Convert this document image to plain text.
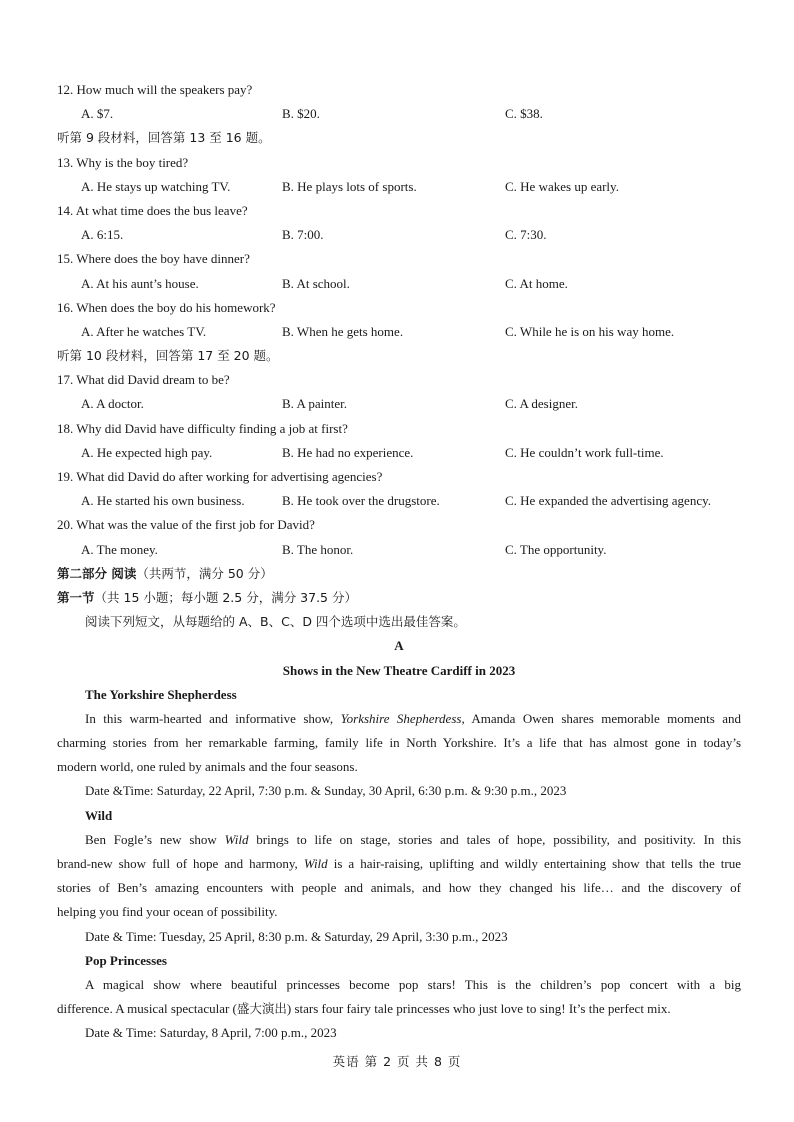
12. How much will the speakers pay?
A. $7.	B. $20.	C. $38.
听第 9 段材料，回答第 13 至 16 题。
13. Why is the boy tired?
A. He stays up watching TV.	B. He plays lots of sports.	C. He wakes up early.
14. At what time does the bus leave?
A. 6:15.	B. 7:00.	C. 7:30.
15. Where does the boy have dinner?
A. At his aunt’s house.	B. At school.	C. At home.
16. When does the boy do his homework?
A. After he watches TV.	B. When he gets home.	C. While he is on his way home.
听第 10 段材料，回答第 17 至 20 题。
17. What did David dream to be?
A. A doctor.	B. A painter.	C. A designer.
18. Why did David have difficulty finding a job at first?
A. He expected high pay.	B. He had no experience.	C. He couldn’t work full-time.
19. What did David do after working for advertising agencies?
A. He started his own business.	B. He took over the drugstore.	C. He expanded the advertising agency.
20. What was the value of the first job for David?
A. The money.	B. The honor.	C. The opportunity.
第二部分 阅读（共两节，满分 50 分）
第一节（共 15 小题；每小题 2.5 分，满分 37.5 分）
阅读下列短文，从每题给的 A、B、C、D 四个选项中选出最佳答案。
A
Shows in the New Theatre Cardiff in 2023
The Yorkshire Shepherdess
In this warm-hearted and informative show, Yorkshire Shepherdess, Amanda Owen shares memorable moments and
charming stories from her remarkable farming, family life in North Yorkshire. It’s a life that has almost gone in today’s
modern world, one ruled by animals and the four seasons.
Date &Time: Saturday, 22 April, 7:30 p.m. & Sunday, 30 April, 6:30 p.m. & 9:30 p.m., 2023
Wild
Ben Fogle’s new show Wild brings to life on stage, stories and tales of hope, possibility, and positivity. In this
brand-new show full of hope and harmony, Wild is a hair-raising, uplifting and wildly entertaining show that tells the true
stories of Ben’s amazing encounters with people and animals, and how they changed his life… and the discovery of
helping you find your ocean of possibility.
Date & Time: Tuesday, 25 April, 8:30 p.m. & Saturday, 29 April, 3:30 p.m., 2023
Pop Princesses
A magical show where beautiful princesses become pop stars! This is the children’s pop concert with a big
difference. A musical spectacular (盛大演出) stars four fairy tale princesses who just love to sing! It’s the perfect mix.
Date & Time: Saturday, 8 April, 7:00 p.m., 2023
英语 第 2 页 共 8 页
